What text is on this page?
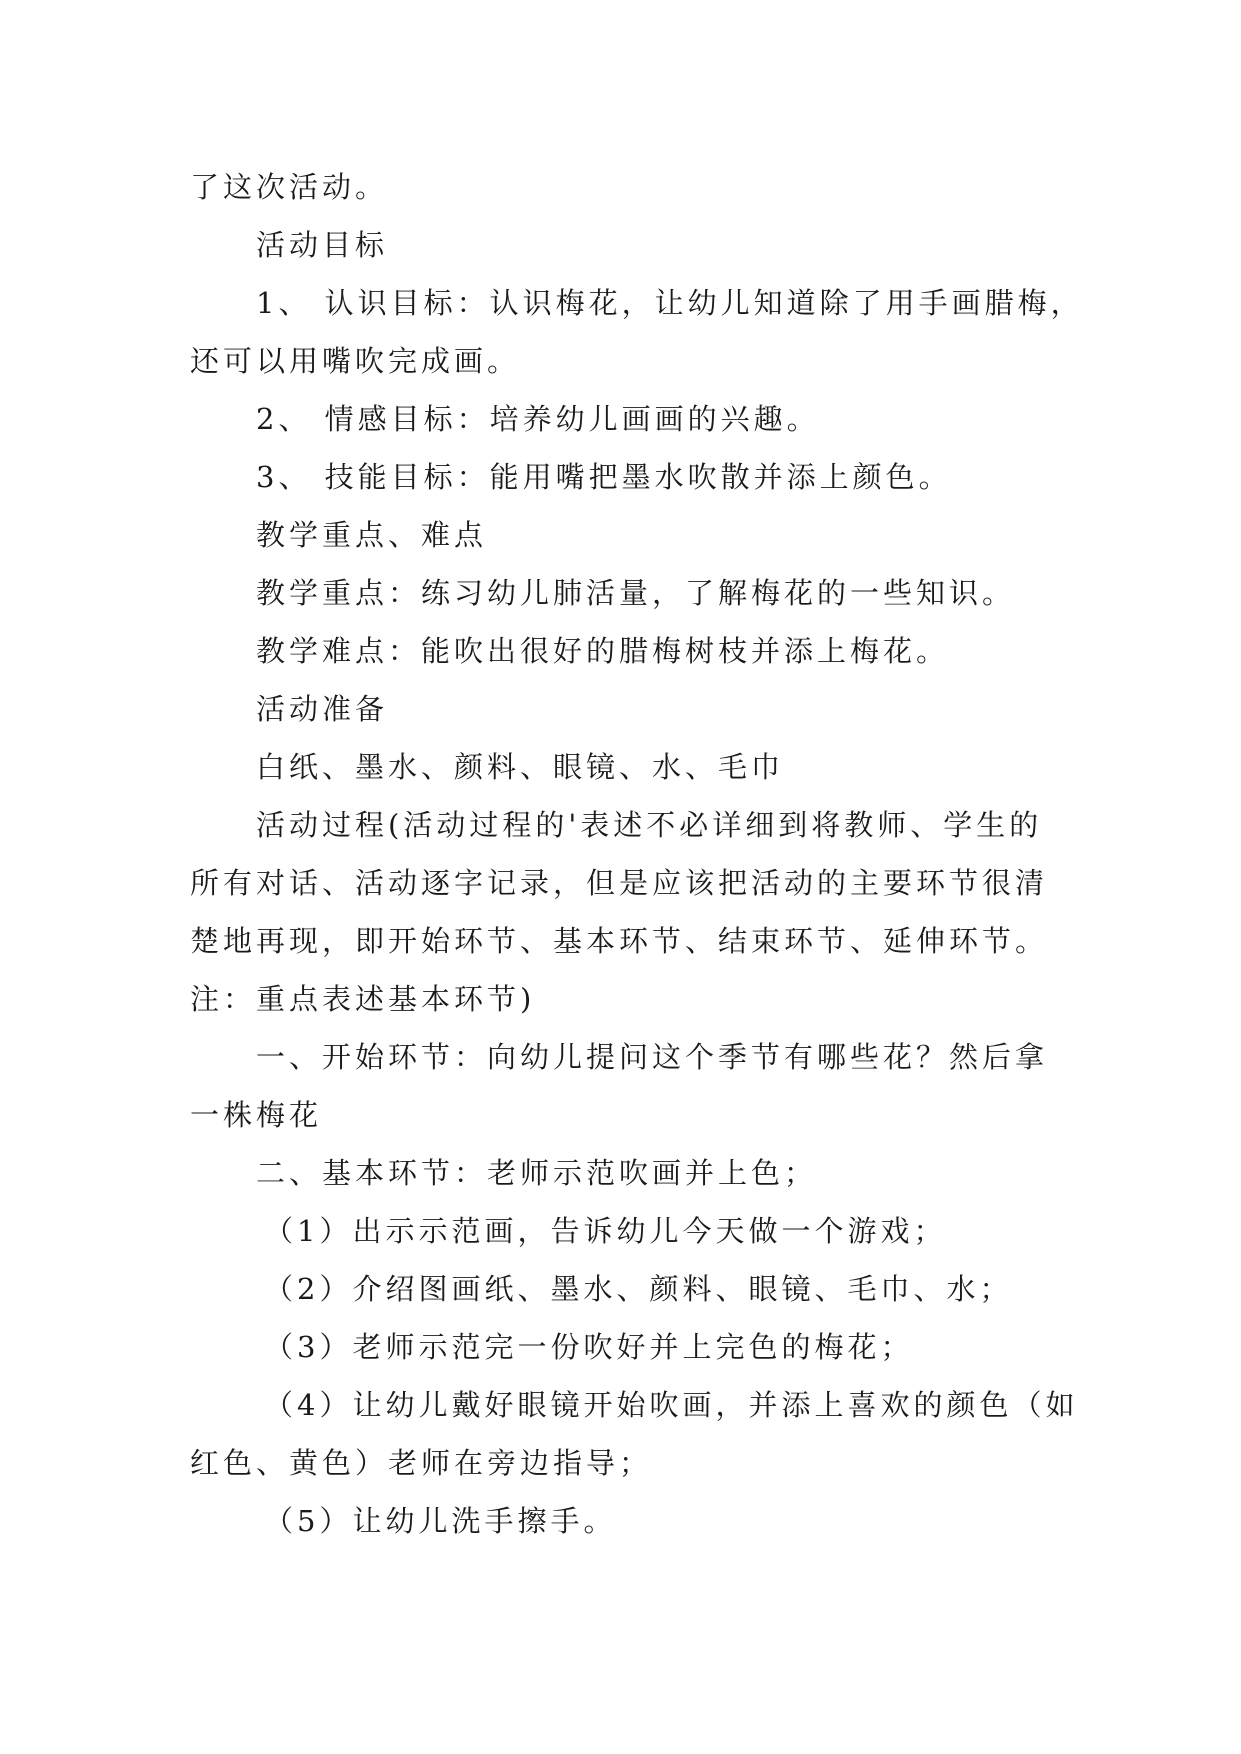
了这次活动。
活动目标
1、 认识目标：认识梅花，让幼儿知道除了用手画腊梅，
还可以用嘴吹完成画。
2、 情感目标：培养幼儿画画的兴趣。
3、 技能目标：能用嘴把墨水吹散并添上颜色。
教学重点、难点
教学重点：练习幼儿肺活量，了解梅花的一些知识。
教学难点：能吹出很好的腊梅树枝并添上梅花。
活动准备
白纸、墨水、颜料、眼镜、水、毛巾
活动过程(活动过程的'表述不必详细到将教师、学生的
所有对话、活动逐字记录，但是应该把活动的主要环节很清
楚地再现，即开始环节、基本环节、结束环节、延伸环节。
注：重点表述基本环节)
一、开始环节：向幼儿提问这个季节有哪些花？然后拿
一株梅花
二、基本环节：老师示范吹画并上色；
（1）出示示范画，告诉幼儿今天做一个游戏；
（2）介绍图画纸、墨水、颜料、眼镜、毛巾、水；
（3）老师示范完一份吹好并上完色的梅花；
（4）让幼儿戴好眼镜开始吹画，并添上喜欢的颜色（如
红色、黄色）老师在旁边指导；
（5）让幼儿洗手擦手。
